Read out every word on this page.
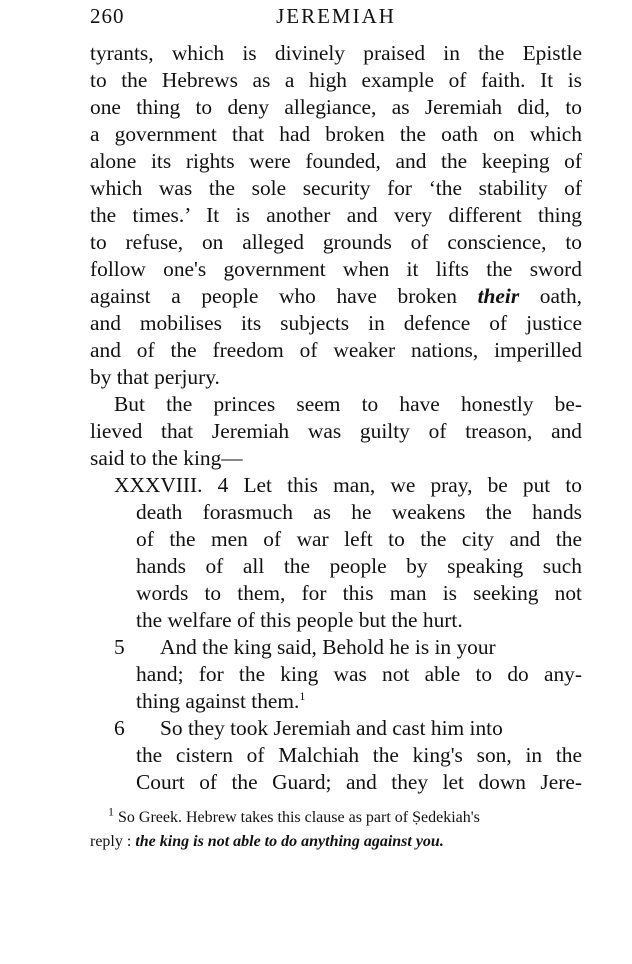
260	JEREMIAH
tyrants, which is divinely praised in the Epistle
to the Hebrews as a high example of faith. It is
one thing to deny allegiance, as Jeremiah did, to
a government that had broken the oath on which
alone its rights were founded, and the keeping of
which was the sole security for ‘the stability of
the times.’ It is another and very different thing
to refuse, on alleged grounds of conscience, to
follow one's government when it lifts the sword
against a people who have broken their oath,
and mobilises its subjects in defence of justice
and of the freedom of weaker nations, imperilled
by that perjury.
But the princes seem to have honestly be-
lieved that Jeremiah was guilty of treason, and
said to the king—
XXXVIII. 4 Let this man, we pray, be put to
death forasmuch as he weakens the hands
of the men of war left to the city and the
hands of all the people by speaking such
words to them, for this man is seeking not
the welfare of this people but the hurt.
5 And the king said, Behold he is in your
hand; for the king was not able to do any-
thing against them.$^1$
6 So they took Jeremiah and cast him into
the cistern of Malchiah the king's son, in the
Court of the Guard; and they let down Jere-
$^1$ So Greek. Hebrew takes this clause as part of Ṣedekiah's
reply : the king is not able to do anything against you.
